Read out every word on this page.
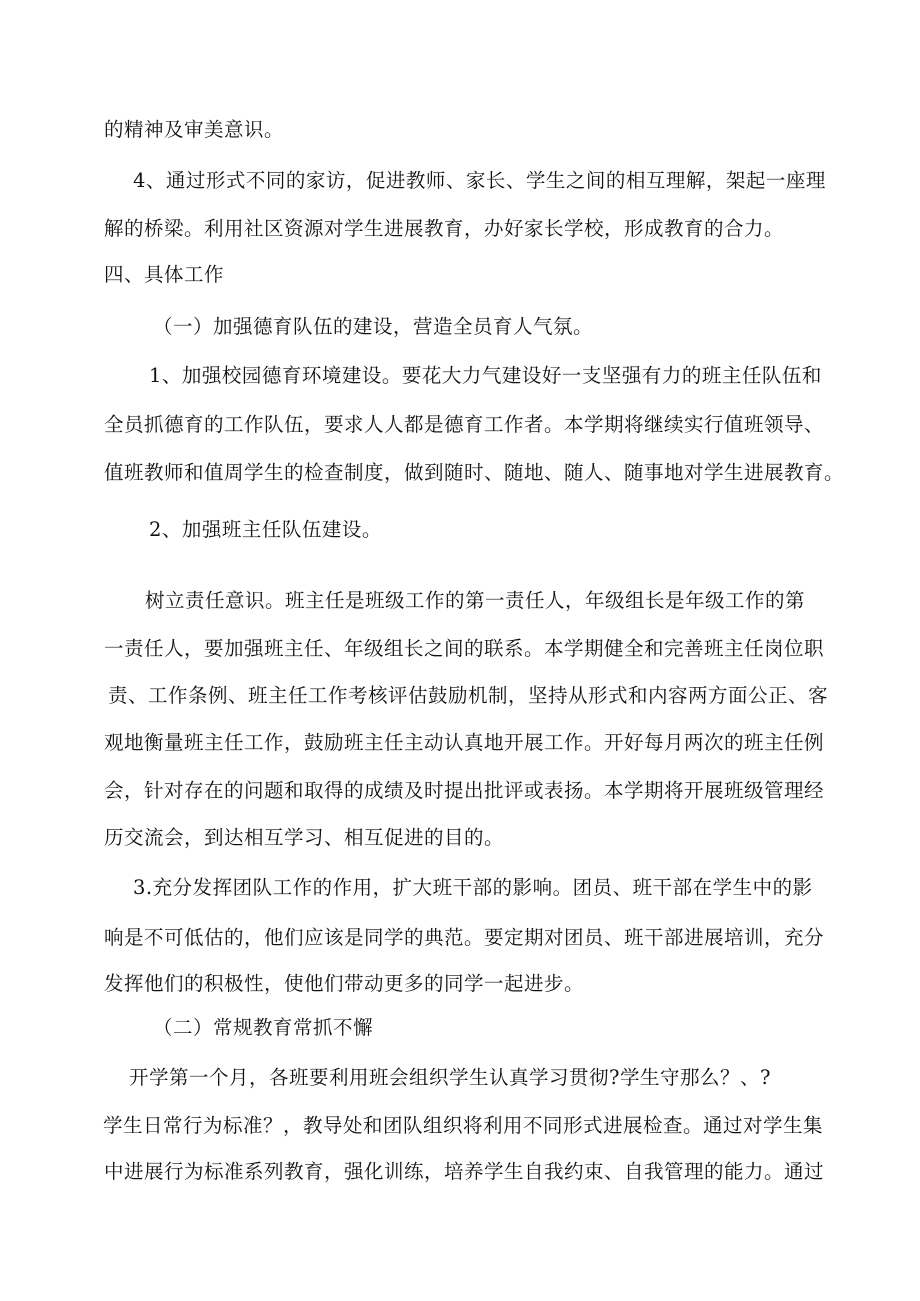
的精神及审美意识。
4、通过形式不同的家访，促进教师、家长、学生之间的相互理解，架起一座理
解的桥梁。利用社区资源对学生进展教育，办好家长学校，形成教育的合力。
四、具体工作
（一）加强德育队伍的建设，营造全员育人气氛。
1、加强校园德育环境建设。要花大力气建设好一支坚强有力的班主任队伍和
全员抓德育的工作队伍，要求人人都是德育工作者。本学期将继续实行值班领导、
值班教师和值周学生的检查制度，做到随时、随地、随人、随事地对学生进展教育。
2、加强班主任队伍建设。
树立责任意识。班主任是班级工作的第一责任人，年级组长是年级工作的第
一责任人，要加强班主任、年级组长之间的联系。本学期健全和完善班主任岗位职
责、工作条例、班主任工作考核评估鼓励机制，坚持从形式和内容两方面公正、客
观地衡量班主任工作，鼓励班主任主动认真地开展工作。开好每月两次的班主任例
会，针对存在的问题和取得的成绩及时提出批评或表扬。本学期将开展班级管理经
历交流会，到达相互学习、相互促进的目的。
3.充分发挥团队工作的作用，扩大班干部的影响。团员、班干部在学生中的影
响是不可低估的，他们应该是同学的典范。要定期对团员、班干部进展培训，充分
发挥他们的积极性，使他们带动更多的同学一起进步。
（二）常规教育常抓不懈
开学第一个月，各班要利用班会组织学生认真学习贯彻?学生守那么？、?
学生日常行为标准？，教导处和团队组织将利用不同形式进展检查。通过对学生集
中进展行为标准系列教育，强化训练，培养学生自我约束、自我管理的能力。通过
